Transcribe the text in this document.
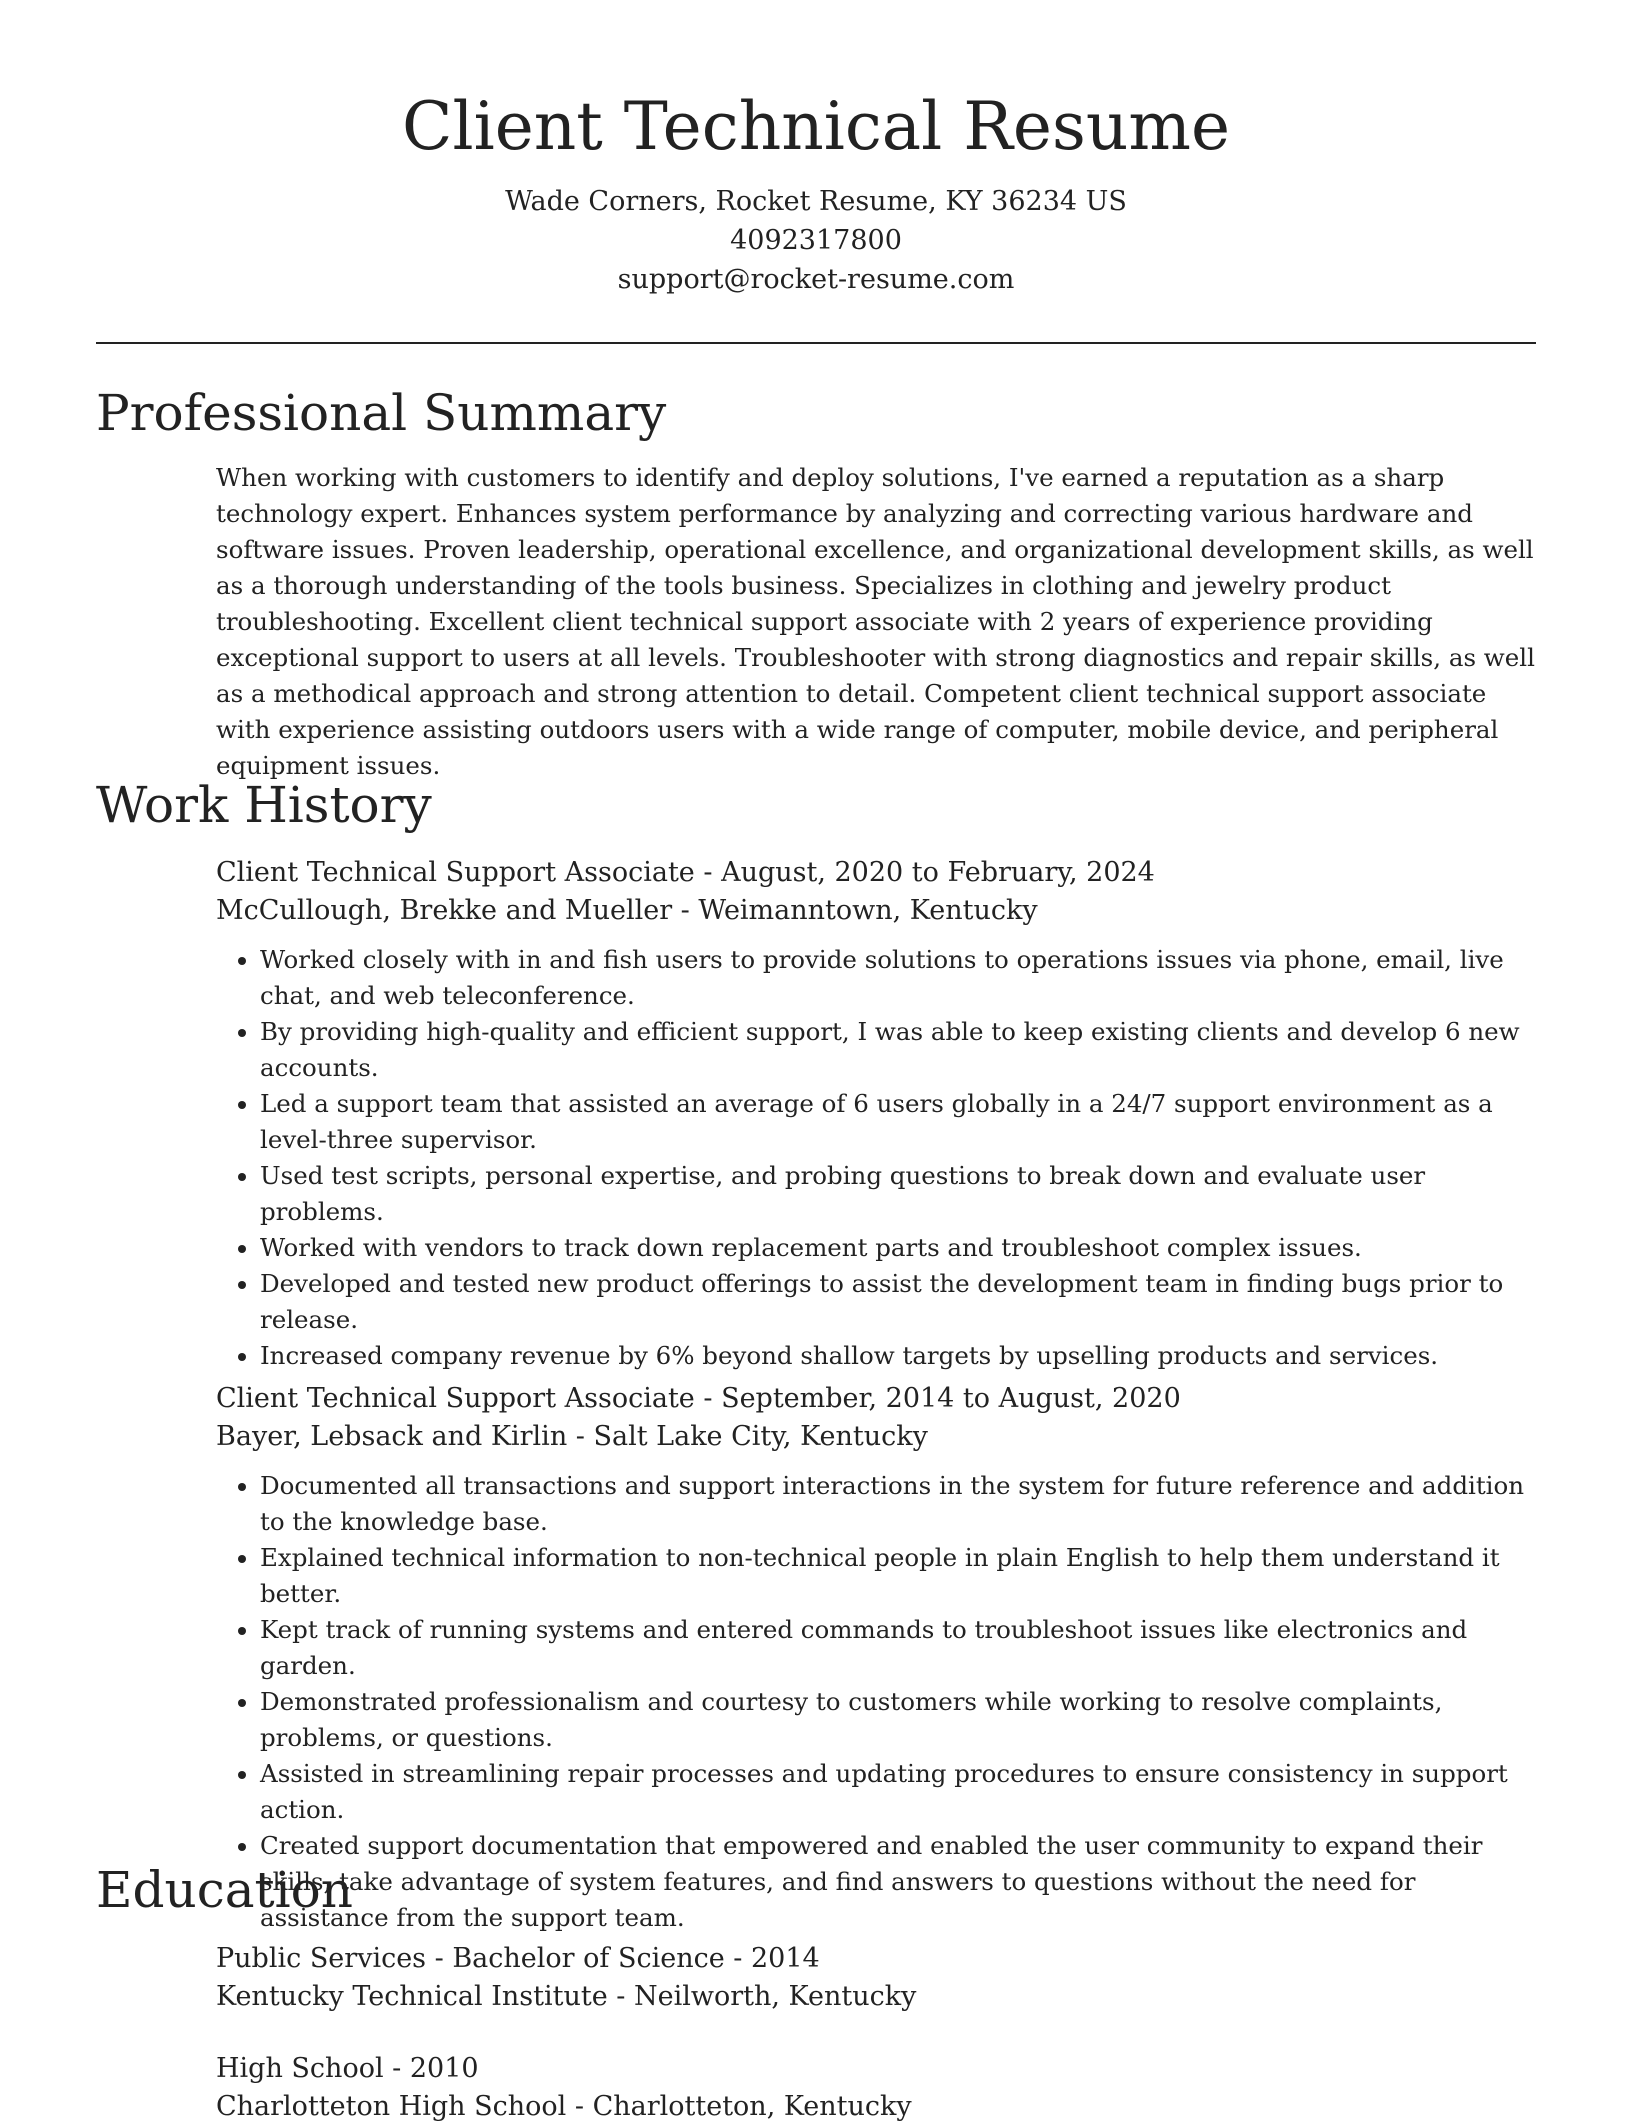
Client Technical Resume
Wade Corners, Rocket Resume, KY 36234 US
4092317800
support@rocket-resume.com
Professional Summary

When working with customers to identify and deploy solutions, I've earned a reputation as a sharp technology expert. Enhances system performance by analyzing and correcting various hardware and software issues. Proven leadership, operational excellence, and organizational development skills, as well as a thorough understanding of the tools business. Specializes in clothing and jewelry product troubleshooting. Excellent client technical support associate with 2 years of experience providing exceptional support to users at all levels. Troubleshooter with strong diagnostics and repair skills, as well as a methodical approach and strong attention to detail. Competent client technical support associate with experience assisting outdoors users with a wide range of computer, mobile device, and peripheral equipment issues.

Work History

Client Technical Support Associate - August, 2020 to February, 2024

McCullough, Brekke and Mueller - Weimanntown, Kentucky

• Worked closely with in and fish users to provide solutions to operations issues via phone, email, live chat, and web teleconference.
• By providing high-quality and efficient support, I was able to keep existing clients and develop 6 new accounts.
• Led a support team that assisted an average of 6 users globally in a 24/7 support environment as a level-three supervisor.
• Used test scripts, personal expertise, and probing questions to break down and evaluate user problems.
• Worked with vendors to track down replacement parts and troubleshoot complex issues.
• Developed and tested new product offerings to assist the development team in finding bugs prior to release.
• Increased company revenue by 6% beyond shallow targets by upselling products and services.

Client Technical Support Associate - September, 2014 to August, 2020

Bayer, Lebsack and Kirlin - Salt Lake City, Kentucky

• Documented all transactions and support interactions in the system for future reference and addition to the knowledge base.
• Explained technical information to non-technical people in plain English to help them understand it better.
• Kept track of running systems and entered commands to troubleshoot issues like electronics and garden.
• Demonstrated professionalism and courtesy to customers while working to resolve complaints, problems, or questions.
• Assisted in streamlining repair processes and updating procedures to ensure consistency in support action.
• Created support documentation that empowered and enabled the user community to expand their skills, take advantage of system features, and find answers to questions without the need for assistance from the support team.
Education

Public Services - Bachelor of Science - 2014

Kentucky Technical Institute - Neilworth, Kentucky

High School - 2010

Charlotteton High School - Charlotteton, Kentucky
